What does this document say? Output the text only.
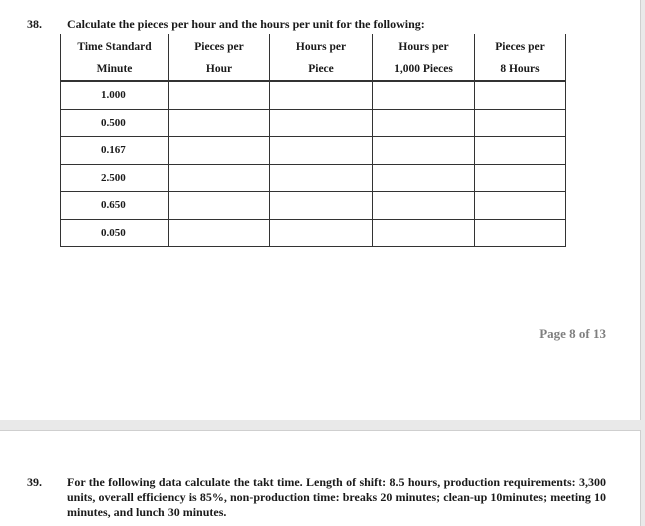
38. Calculate the pieces per hour and the hours per unit for the following:
Time Standard	Pieces per	Hours per	Hours per	Pieces per
Minute	Hour	Piece	1,000 Pieces	8 Hours
1.000				
0.500				
0.167				
2.500				
0.650				
0.050				
Page 8 of 13
39. For the following data calculate the takt time. Length of shift: 8.5 hours, production requirements: 3,300 units, overall efficiency is 85%, non-production time: breaks 20 minutes; clean-up 10minutes; meeting 10 minutes, and lunch 30 minutes.
